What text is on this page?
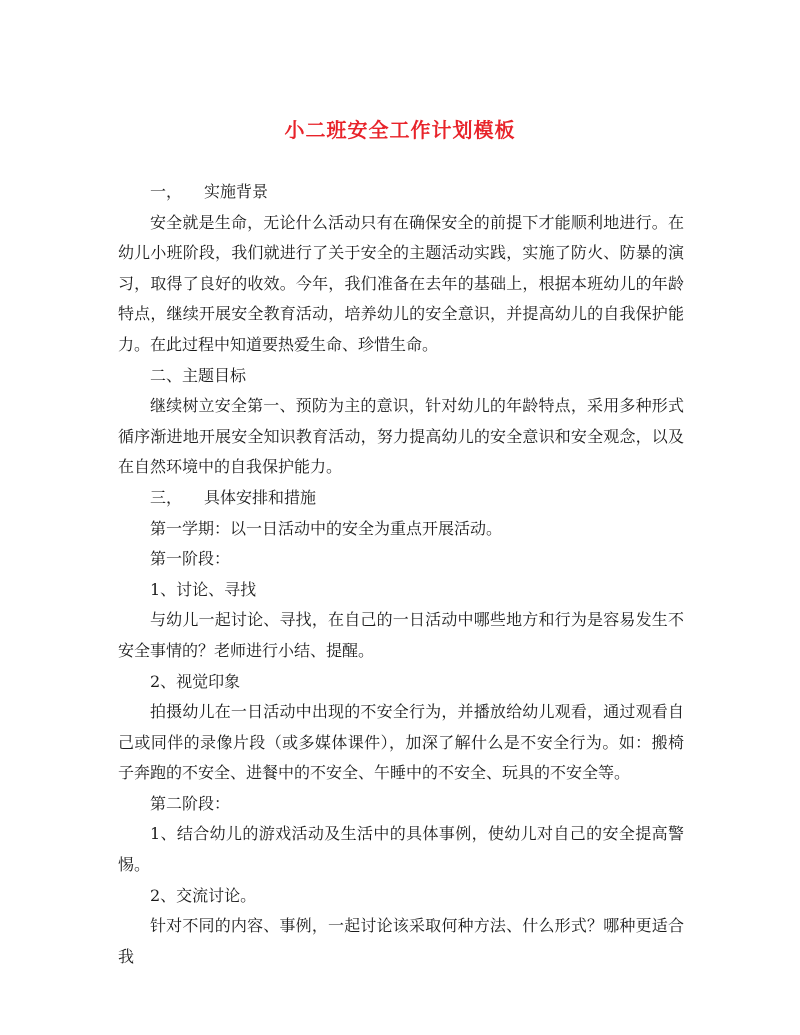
小二班安全工作计划模板

一， 实施背景

安全就是生命，无论什么活动只有在确保安全的前提下才能顺利地进行。在幼儿小班阶段，我们就进行了关于安全的主题活动实践，实施了防火、防暴的演习，取得了良好的收效。今年，我们准备在去年的基础上，根据本班幼儿的年龄特点，继续开展安全教育活动，培养幼儿的安全意识，并提高幼儿的自我保护能力。在此过程中知道要热爱生命、珍惜生命。

二、主题目标

继续树立安全第一、预防为主的意识，针对幼儿的年龄特点，采用多种形式循序渐进地开展安全知识教育活动，努力提高幼儿的安全意识和安全观念，以及在自然环境中的自我保护能力。

三， 具体安排和措施

第一学期：以一日活动中的安全为重点开展活动。

第一阶段：

1、讨论、寻找

与幼儿一起讨论、寻找，在自己的一日活动中哪些地方和行为是容易发生不安全事情的？老师进行小结、提醒。

2、视觉印象

拍摄幼儿在一日活动中出现的不安全行为，并播放给幼儿观看，通过观看自己或同伴的录像片段（或多媒体课件），加深了解什么是不安全行为。如：搬椅子奔跑的不安全、进餐中的不安全、午睡中的不安全、玩具的不安全等。

第二阶段：

1、结合幼儿的游戏活动及生活中的具体事例，使幼儿对自己的安全提高警惕。

2、交流讨论。

针对不同的内容、事例，一起讨论该采取何种方法、什么形式？哪种更适合我
